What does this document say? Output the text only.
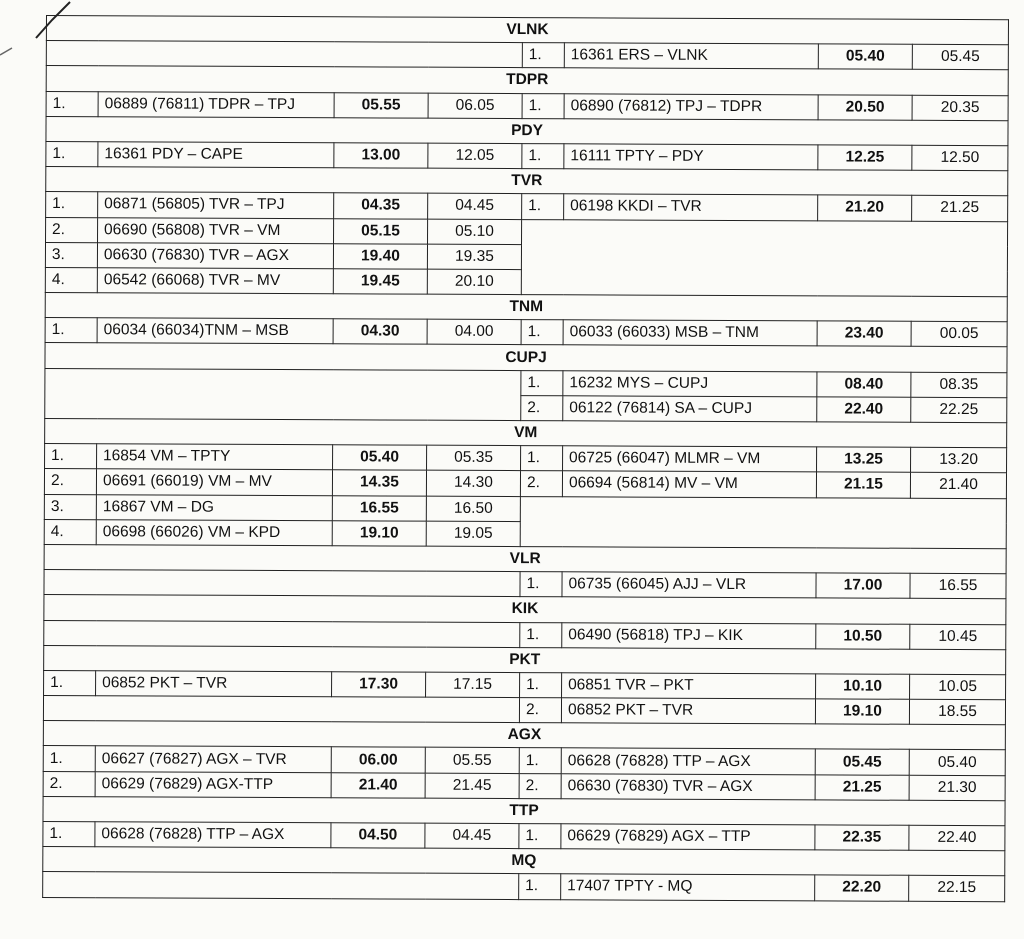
VLNK							
				1.	16361 ERS – VLNK	05.40	05.45
TDPR							
1.	06889 (76811) TDPR – TPJ	05.55	06.05	1.	06890 (76812) TPJ – TDPR	20.50	20.35
PDY							
1.	16361 PDY – CAPE	13.00	12.05	1.	16111 TPTY – PDY	12.25	12.50
TVR							
1.	06871 (56805) TVR – TPJ	04.35	04.45	1.	06198 KKDI – TVR	21.20	21.25
2.	06690 (56808) TVR – VM	05.15	05.10				
3.	06630 (76830) TVR – AGX	19.40	19.35				
4.	06542 (66068) TVR – MV	19.45	20.10				
TNM							
1.	06034 (66034)TNM – MSB	04.30	04.00	1.	06033 (66033) MSB – TNM	23.40	00.05
CUPJ							
				1.	16232 MYS – CUPJ	08.40	08.35
				2.	06122 (76814) SA – CUPJ	22.40	22.25
VM							
1.	16854 VM – TPTY	05.40	05.35	1.	06725 (66047) MLMR – VM	13.25	13.20
2.	06691 (66019) VM – MV	14.35	14.30	2.	06694 (56814) MV – VM	21.15	21.40
3.	16867 VM – DG	16.55	16.50				
4.	06698 (66026) VM – KPD	19.10	19.05				
VLR							
				1.	06735 (66045) AJJ – VLR	17.00	16.55
KIK							
				1.	06490 (56818) TPJ – KIK	10.50	10.45
PKT							
1.	06852 PKT – TVR	17.30	17.15	1.	06851 TVR – PKT	10.10	10.05
				2.	06852 PKT – TVR	19.10	18.55
AGX							
1.	06627 (76827) AGX – TVR	06.00	05.55	1.	06628 (76828) TTP – AGX	05.45	05.40
2.	06629 (76829) AGX-TTP	21.40	21.45	2.	06630 (76830) TVR – AGX	21.25	21.30
TTP							
1.	06628 (76828) TTP – AGX	04.50	04.45	1.	06629 (76829) AGX – TTP	22.35	22.40
MQ							
				1.	17407 TPTY - MQ	22.20	22.15
